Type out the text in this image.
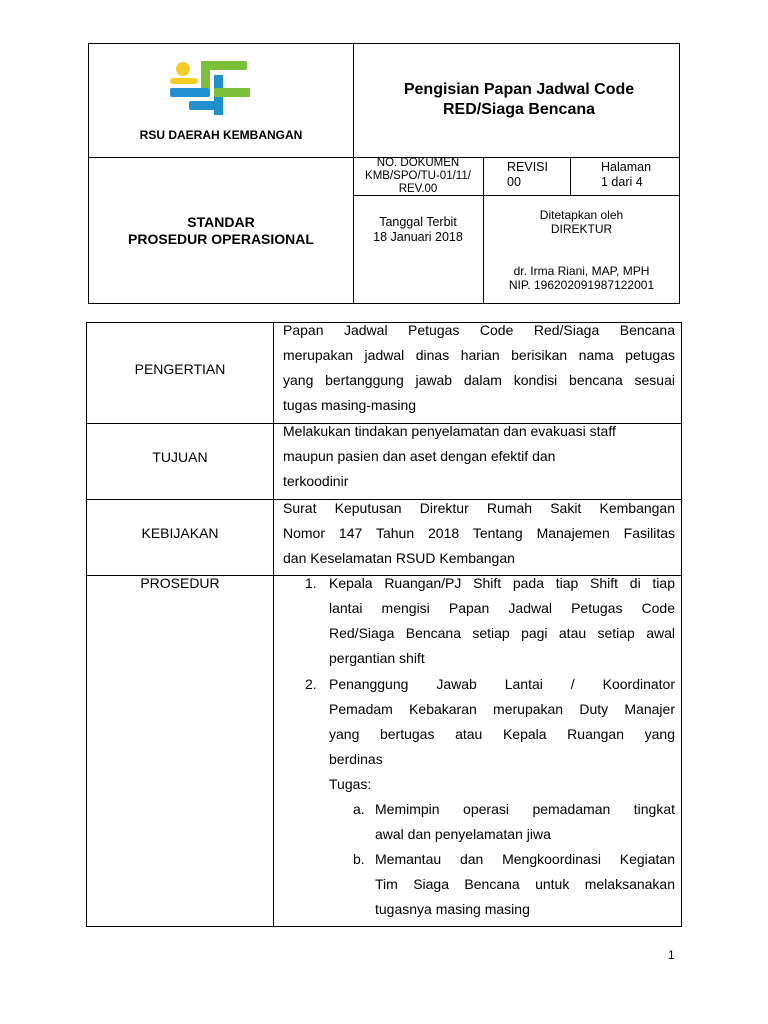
RSU DAERAH KEMBANGAN
Pengisian Papan Jadwal Code
RED/Siaga Bencana
STANDAR
PROSEDUR OPERASIONAL
NO. DOKUMEN
KMB/SPO/TU-01/11/
REV.00
REVISI
00
Halaman
1 dari 4
Tanggal Terbit
18 Januari 2018
Ditetapkan oleh
DIREKTUR
dr. Irma Riani, MAP, MPH
NIP. 196202091987122001
PENGERTIAN
Papan Jadwal Petugas Code Red/Siaga Bencana
merupakan jadwal dinas harian berisikan nama petugas
yang bertanggung jawab dalam kondisi bencana sesuai
tugas masing-masing
TUJUAN
Melakukan tindakan penyelamatan dan evakuasi staff
maupun pasien dan aset dengan efektif dan
terkoodinir
KEBIJAKAN
Surat Keputusan Direktur Rumah Sakit Kembangan
Nomor 147 Tahun 2018 Tentang Manajemen Fasilitas
dan Keselamatan RSUD Kembangan
PROSEDUR	1. Kepala Ruangan/PJ Shift pada tiap Shift di tiap
lantai mengisi Papan Jadwal Petugas Code
Red/Siaga Bencana setiap pagi atau setiap awal
pergantian shift
2. Penanggung Jawab Lantai / Koordinator
Pemadam Kebakaran merupakan Duty Manajer
yang bertugas atau Kepala Ruangan yang
berdinas
Tugas:
a. Memimpin operasi pemadaman tingkat
awal dan penyelamatan jiwa
b. Memantau dan Mengkoordinasi Kegiatan
Tim Siaga Bencana untuk melaksanakan
tugasnya masing masing
1
